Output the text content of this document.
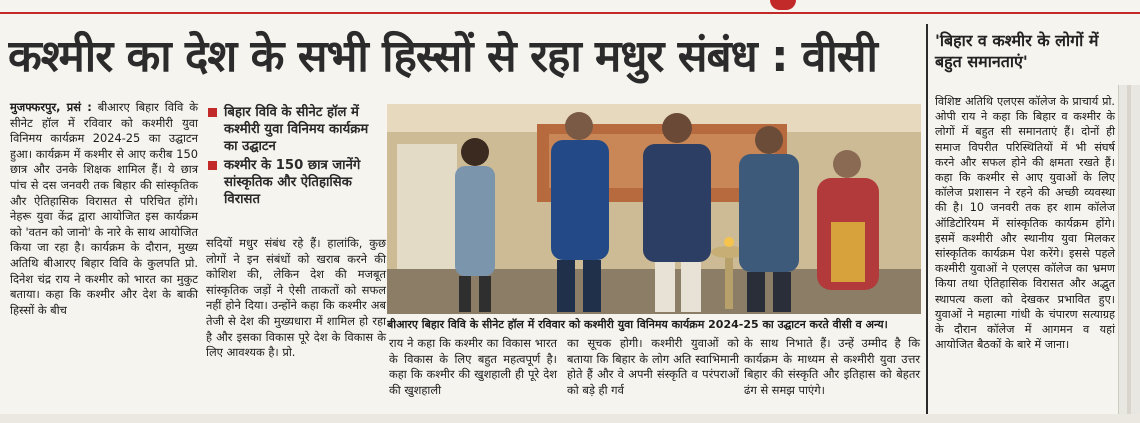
कश्मीर का देश के सभी हिस्सों से रहा मधुर संबंध : वीसी

मुजफ्फरपुर, प्रसं : बीआरए बिहार विवि के सीनेट हॉल में रविवार को कश्मीरी युवा विनिमय कार्यक्रम 2024-25 का उद्घाटन हुआ। कार्यक्रम में कश्मीर से आए करीब 150 छात्र और उनके शिक्षक शामिल हैं। ये छात्र पांच से दस जनवरी तक बिहार की सांस्कृतिक और ऐतिहासिक विरासत से परिचित होंगे। नेहरू युवा केंद्र द्वारा आयोजित इस कार्यक्रम को 'वतन को जानो' के नारे के साथ आयोजित किया जा रहा है। कार्यक्रम के दौरान, मुख्य अतिथि बीआरए बिहार विवि के कुलपति प्रो. दिनेश चंद्र राय ने कश्मीर को भारत का मुकुट बताया। कहा कि कश्मीर और देश के बाकी हिस्सों के बीच

बिहार विवि के सीनेट हॉल में कश्मीरी युवा विनिमय कार्यक्रम का उद्घाटन
कश्मीर के 150 छात्र जानेंगे सांस्कृतिक और ऐतिहासिक विरासत

सदियों मधुर संबंध रहे हैं। हालांकि, कुछ लोगों ने इन संबंधों को खराब करने की कोशिश की, लेकिन देश की मजबूत सांस्कृतिक जड़ों ने ऐसी ताकतों को सफल नहीं होने दिया। उन्होंने कहा कि कश्मीर अब तेजी से देश की मुख्यधारा में शामिल हो रहा है और इसका विकास पूरे देश के विकास के लिए आवश्यक है। प्रो.

बीआरए बिहार विवि के सीनेट हॉल में रविवार को कश्मीरी युवा विनिमय कार्यक्रम 2024-25 का उद्घाटन करते वीसी व अन्य।

राय ने कहा कि कश्मीर का विकास भारत के विकास के लिए बहुत महत्वपूर्ण है। कहा कि कश्मीर की खुशहाली ही पूरे देश की खुशहाली

का सूचक होगी। कश्मीरी युवाओं को बताया कि बिहार के लोग अति स्वाभिमानी होते हैं और वे अपनी संस्कृति व परंपराओं को बड़े ही गर्व

के साथ निभाते हैं। उन्हें उम्मीद है कि कार्यक्रम के माध्यम से कश्मीरी युवा उत्तर बिहार की संस्कृति और इतिहास को बेहतर ढंग से समझ पाएंगे।

'बिहार व कश्मीर के लोगों में बहुत समानताएं'

विशिष्ट अतिथि एलएस कॉलेज के प्राचार्य प्रो. ओपी राय ने कहा कि बिहार व कश्मीर के लोगों में बहुत सी समानताएं हैं। दोनों ही समाज विपरीत परिस्थितियों में भी संघर्ष करने और सफल होने की क्षमता रखते हैं। कहा कि कश्मीर से आए युवाओं के लिए कॉलेज प्रशासन ने रहने की अच्छी व्यवस्था की है। 10 जनवरी तक हर शाम कॉलेज ऑडिटोरियम में सांस्कृतिक कार्यक्रम होंगे। इसमें कश्मीरी और स्थानीय युवा मिलकर सांस्कृतिक कार्यक्रम पेश करेंगे। इससे पहले कश्मीरी युवाओं ने एलएस कॉलेज का भ्रमण किया तथा ऐतिहासिक विरासत और अद्भुत स्थापत्य कला को देखकर प्रभावित हुए। युवाओं ने महात्मा गांधी के चंपारण सत्याग्रह के दौरान कॉलेज में आगमन व यहां आयोजित बैठकों के बारे में जाना।
